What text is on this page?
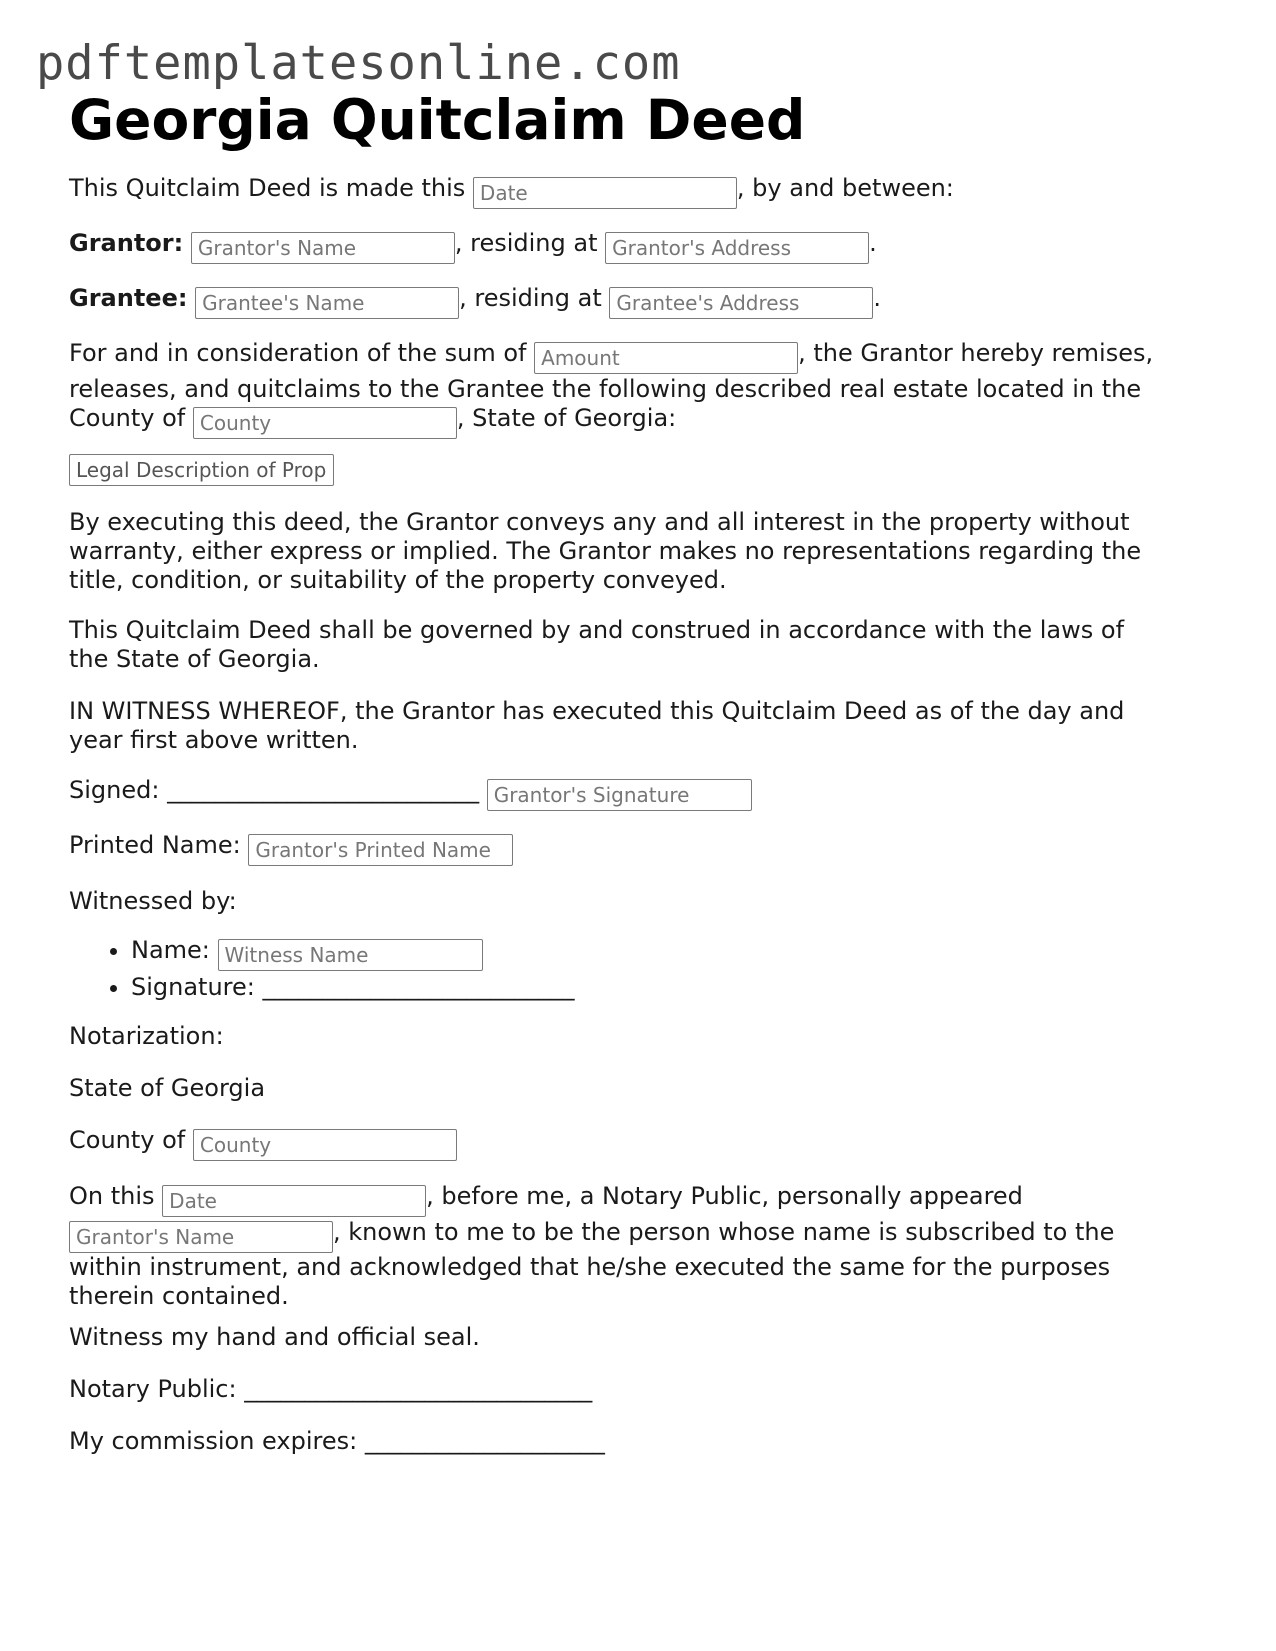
pdftemplatesonline.com
Georgia Quitclaim Deed

This Quitclaim Deed is made this Date	, by and between:

Grantor: Grantor's Name	, residing at Grantor's Address	.

Grantee: Grantee's Name	, residing at Grantee's Address	.

For and in consideration of the sum of Amount	, the Grantor hereby remises,

releases, and quitclaims to the Grantee the following described real estate located in the

County of County	, State of Georgia:

Legal Description of Prope

By executing this deed, the Grantor conveys any and all interest in the property without warranty, either express or implied. The Grantor makes no representations regarding the title, condition, or suitability of the property conveyed.

This Quitclaim Deed shall be governed by and construed in accordance with the laws of the State of Georgia.

IN WITNESS WHEREOF, the Grantor has executed this Quitclaim Deed as of the day and year first above written.

Signed: __________________________ Grantor's Signature

Printed Name: Grantor's Printed Name

Witnessed by:

• Name: Witness Name
• Signature: __________________________

Notarization:

State of Georgia

County of County

On this Date	, before me, a Notary Public, personally appeared

Grantor's Name, known to me to be the person whose name is subscribed to the

within instrument, and acknowledged that he/she executed the same for the purposes therein contained.

Witness my hand and official seal.

Notary Public: _____________________________

My commission expires: ____________________
